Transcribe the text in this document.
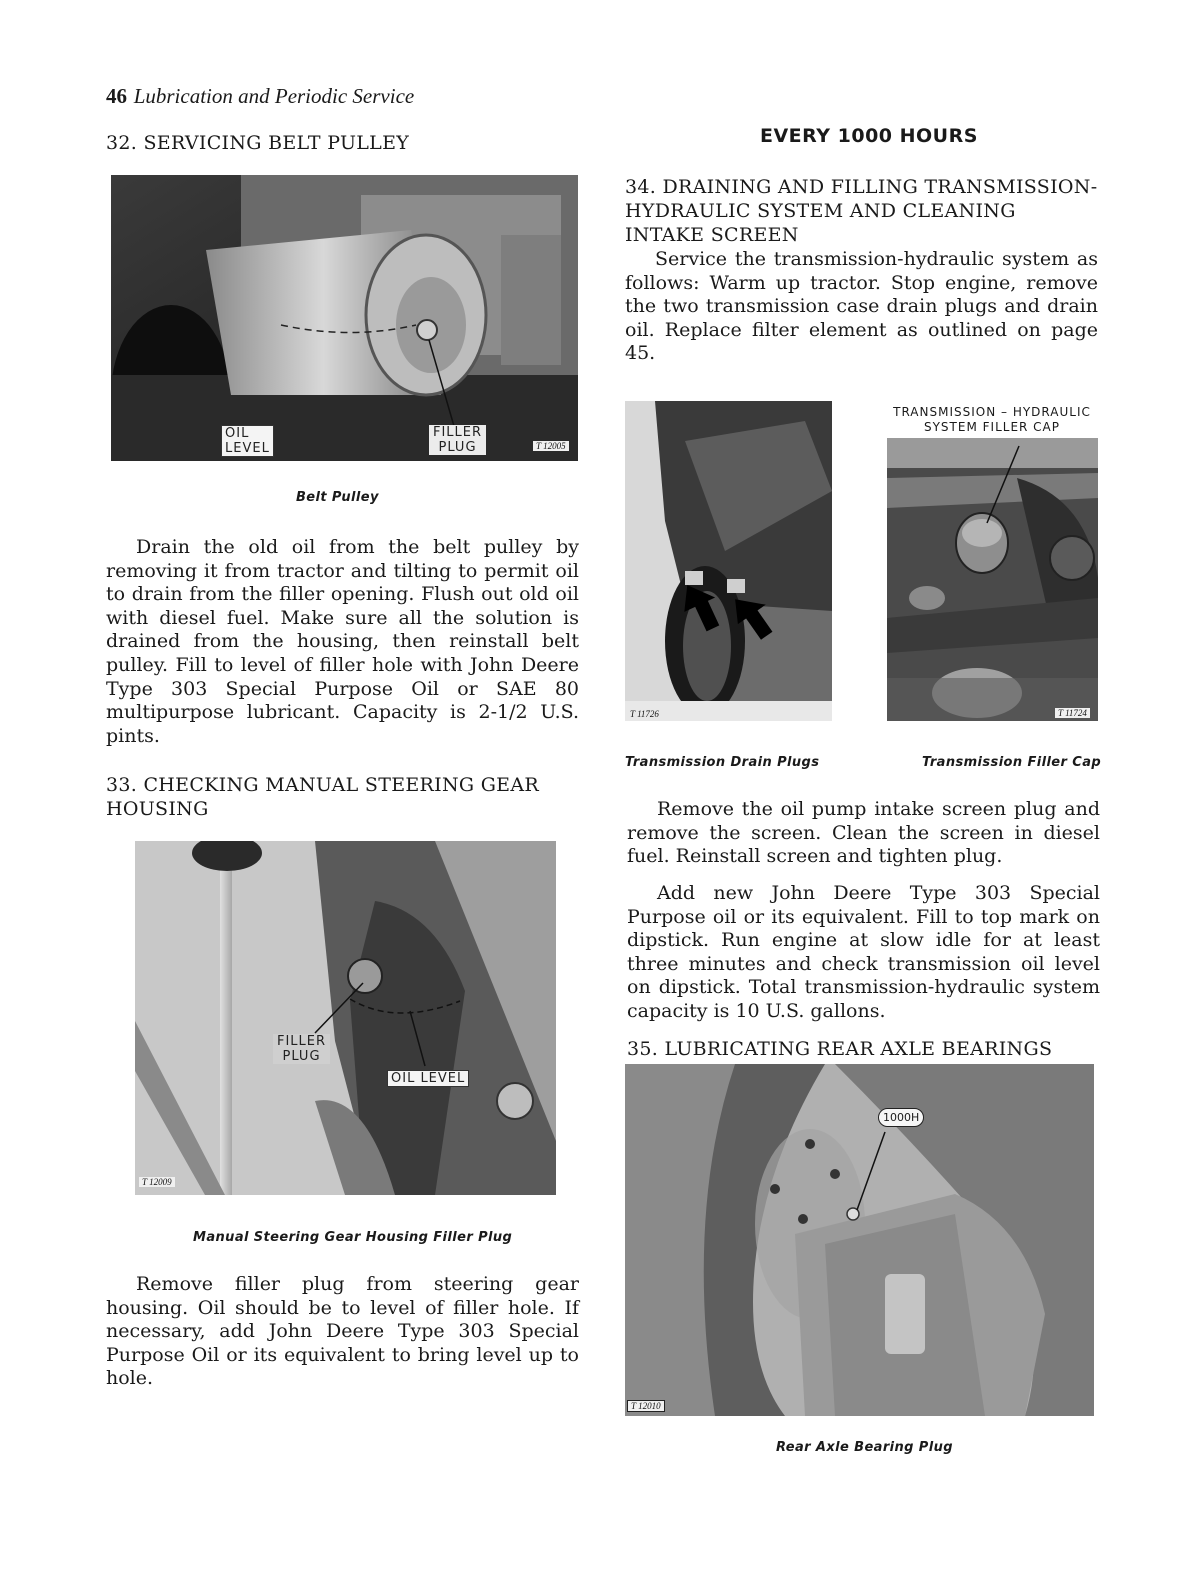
46 Lubrication and Periodic Service
32. SERVICING BELT PULLEY
OIL
LEVEL
FILLER
PLUG	T 12005
Belt Pulley

Drain the old oil from the belt pulley by removing it from tractor and tilting to permit oil to drain from the filler opening. Flush out old oil with diesel fuel. Make sure all the solution is drained from the housing, then reinstall belt pulley. Fill to level of filler hole with John Deere Type 303 Special Purpose Oil or SAE 80 multipurpose lubricant. Capacity is 2-1/2 U.S. pints.

33. CHECKING MANUAL STEERING GEAR
HOUSING
FILLER
PLUG
OIL LEVEL
T 12009
Manual Steering Gear Housing Filler Plug

Remove filler plug from steering gear housing. Oil should be to level of filler hole. If necessary, add John Deere Type 303 Special Purpose Oil or its equivalent to bring level up to hole.

EVERY 1000 HOURS
34. DRAINING AND FILLING TRANSMISSION-HYDRAULIC SYSTEM AND CLEANING INTAKE SCREEN

Service the transmission-hydraulic system as follows: Warm up tractor. Stop engine, remove the two transmission case drain plugs and drain oil. Replace filter element as outlined on page 45.

T 11726
TRANSMISSION – HYDRAULIC
SYSTEM FILLER CAP
T 11724
Transmission Drain Plugs	Transmission Filler Cap

Remove the oil pump intake screen plug and remove the screen. Clean the screen in diesel fuel. Reinstall screen and tighten plug.

Add new John Deere Type 303 Special Purpose oil or its equivalent. Fill to top mark on dipstick. Run engine at slow idle for at least three minutes and check transmission oil level on dipstick. Total transmission-hydraulic system capacity is 10 U.S. gallons.

35. LUBRICATING REAR AXLE BEARINGS
1000H
T 12010
Rear Axle Bearing Plug
